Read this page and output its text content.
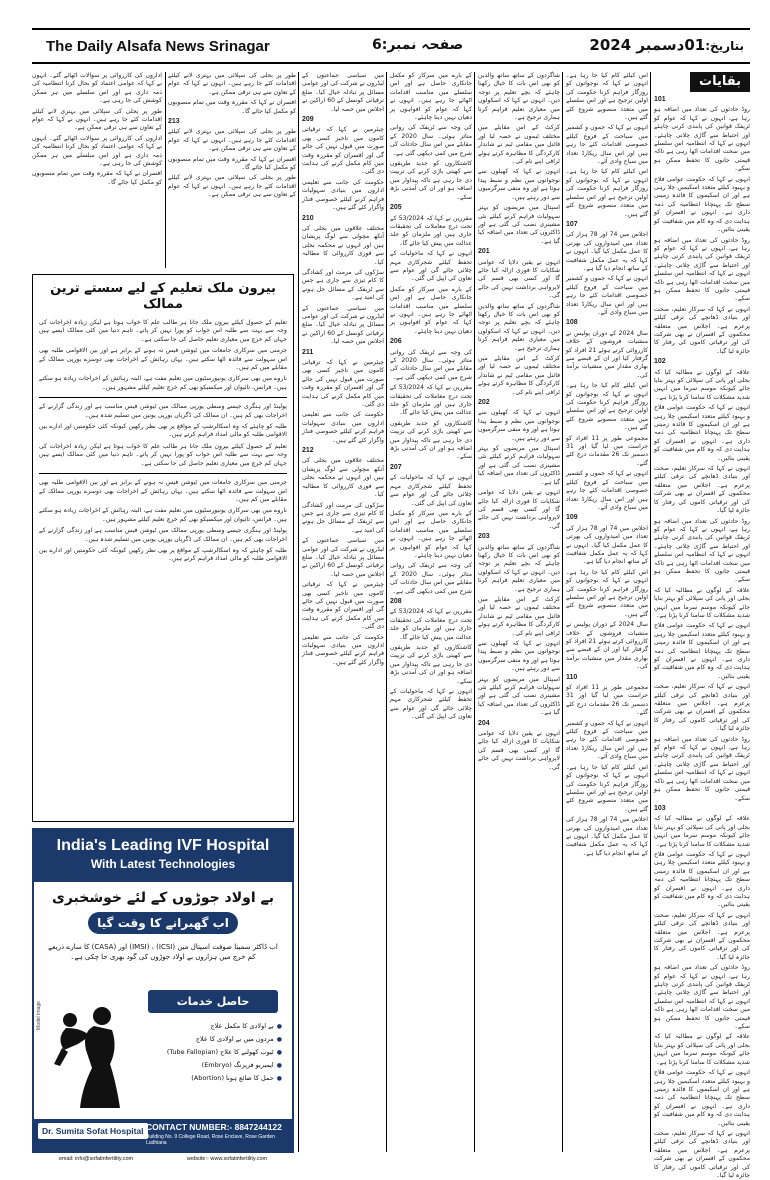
The Daily Alsafa News Srinagar	صفحہ نمبر:6	بتاریخ:01دسمبر 2024
بقایات
101

روڈ حادثوں کی تعداد میں اضافہ ہو رہا ہے، انہوں نے کہا کہ عوام کو ٹریفک قوانین کی پابندی کرنی چاہئے اور احتیاط سے گاڑی چلانی چاہئے۔ انہوں نے کہا کہ انتظامیہ اس سلسلے میں سخت اقدامات اٹھا رہی ہے تاکہ قیمتی جانوں کا تحفظ ممکن ہو سکے۔

انہوں نے کہا کہ حکومت عوامی فلاح و بہبود کیلئے متعدد اسکیمیں چلا رہی ہے اور ان اسکیموں کا فائدہ زمینی سطح تک پہنچانا انتظامیہ کی ذمہ داری ہے۔ انہوں نے افسران کو ہدایت دی کہ وہ کام میں شفافیت کو یقینی بنائیں۔

روڈ حادثوں کی تعداد میں اضافہ ہو رہا ہے، انہوں نے کہا کہ عوام کو ٹریفک قوانین کی پابندی کرنی چاہئے اور احتیاط سے گاڑی چلانی چاہئے۔ انہوں نے کہا کہ انتظامیہ اس سلسلے میں سخت اقدامات اٹھا رہی ہے تاکہ قیمتی جانوں کا تحفظ ممکن ہو سکے۔

انہوں نے کہا کہ سرکار تعلیم، صحت اور بنیادی ڈھانچے کی ترقی کیلئے پرعزم ہے۔ اجلاس میں متعلقہ محکموں کے افسران نے بھی شرکت کی اور ترقیاتی کاموں کی رفتار کا جائزہ لیا گیا۔

102

علاقہ کے لوگوں نے مطالبہ کیا کہ بجلی اور پانی کی سپلائی کو بہتر بنایا جائے کیونکہ موسم سرما میں انہیں شدید مشکلات کا سامنا کرنا پڑتا ہے۔

انہوں نے کہا کہ حکومت عوامی فلاح و بہبود کیلئے متعدد اسکیمیں چلا رہی ہے اور ان اسکیموں کا فائدہ زمینی سطح تک پہنچانا انتظامیہ کی ذمہ داری ہے۔ انہوں نے افسران کو ہدایت دی کہ وہ کام میں شفافیت کو یقینی بنائیں۔

انہوں نے کہا کہ سرکار تعلیم، صحت اور بنیادی ڈھانچے کی ترقی کیلئے پرعزم ہے۔ اجلاس میں متعلقہ محکموں کے افسران نے بھی شرکت کی اور ترقیاتی کاموں کی رفتار کا جائزہ لیا گیا۔

روڈ حادثوں کی تعداد میں اضافہ ہو رہا ہے، انہوں نے کہا کہ عوام کو ٹریفک قوانین کی پابندی کرنی چاہئے اور احتیاط سے گاڑی چلانی چاہئے۔ انہوں نے کہا کہ انتظامیہ اس سلسلے میں سخت اقدامات اٹھا رہی ہے تاکہ قیمتی جانوں کا تحفظ ممکن ہو سکے۔

علاقہ کے لوگوں نے مطالبہ کیا کہ بجلی اور پانی کی سپلائی کو بہتر بنایا جائے کیونکہ موسم سرما میں انہیں شدید مشکلات کا سامنا کرنا پڑتا ہے۔

انہوں نے کہا کہ حکومت عوامی فلاح و بہبود کیلئے متعدد اسکیمیں چلا رہی ہے اور ان اسکیموں کا فائدہ زمینی سطح تک پہنچانا انتظامیہ کی ذمہ داری ہے۔ انہوں نے افسران کو ہدایت دی کہ وہ کام میں شفافیت کو یقینی بنائیں۔

انہوں نے کہا کہ سرکار تعلیم، صحت اور بنیادی ڈھانچے کی ترقی کیلئے پرعزم ہے۔ اجلاس میں متعلقہ محکموں کے افسران نے بھی شرکت کی اور ترقیاتی کاموں کی رفتار کا جائزہ لیا گیا۔

روڈ حادثوں کی تعداد میں اضافہ ہو رہا ہے، انہوں نے کہا کہ عوام کو ٹریفک قوانین کی پابندی کرنی چاہئے اور احتیاط سے گاڑی چلانی چاہئے۔ انہوں نے کہا کہ انتظامیہ اس سلسلے میں سخت اقدامات اٹھا رہی ہے تاکہ قیمتی جانوں کا تحفظ ممکن ہو سکے۔

103

علاقہ کے لوگوں نے مطالبہ کیا کہ بجلی اور پانی کی سپلائی کو بہتر بنایا جائے کیونکہ موسم سرما میں انہیں شدید مشکلات کا سامنا کرنا پڑتا ہے۔

انہوں نے کہا کہ حکومت عوامی فلاح و بہبود کیلئے متعدد اسکیمیں چلا رہی ہے اور ان اسکیموں کا فائدہ زمینی سطح تک پہنچانا انتظامیہ کی ذمہ داری ہے۔ انہوں نے افسران کو ہدایت دی کہ وہ کام میں شفافیت کو یقینی بنائیں۔

انہوں نے کہا کہ سرکار تعلیم، صحت اور بنیادی ڈھانچے کی ترقی کیلئے پرعزم ہے۔ اجلاس میں متعلقہ محکموں کے افسران نے بھی شرکت کی اور ترقیاتی کاموں کی رفتار کا جائزہ لیا گیا۔

روڈ حادثوں کی تعداد میں اضافہ ہو رہا ہے، انہوں نے کہا کہ عوام کو ٹریفک قوانین کی پابندی کرنی چاہئے اور احتیاط سے گاڑی چلانی چاہئے۔ انہوں نے کہا کہ انتظامیہ اس سلسلے میں سخت اقدامات اٹھا رہی ہے تاکہ قیمتی جانوں کا تحفظ ممکن ہو سکے۔

علاقہ کے لوگوں نے مطالبہ کیا کہ بجلی اور پانی کی سپلائی کو بہتر بنایا جائے کیونکہ موسم سرما میں انہیں شدید مشکلات کا سامنا کرنا پڑتا ہے۔

انہوں نے کہا کہ حکومت عوامی فلاح و بہبود کیلئے متعدد اسکیمیں چلا رہی ہے اور ان اسکیموں کا فائدہ زمینی سطح تک پہنچانا انتظامیہ کی ذمہ داری ہے۔ انہوں نے افسران کو ہدایت دی کہ وہ کام میں شفافیت کو یقینی بنائیں۔

انہوں نے کہا کہ سرکار تعلیم، صحت اور بنیادی ڈھانچے کی ترقی کیلئے پرعزم ہے۔ اجلاس میں متعلقہ محکموں کے افسران نے بھی شرکت کی اور ترقیاتی کاموں کی رفتار کا جائزہ لیا گیا۔

اس کیلئے کام کیا جا رہا ہے۔ انہوں نے کہا کہ نوجوانوں کو روزگار فراہم کرنا حکومت کی اولین ترجیح ہے اور اس سلسلے میں متعدد منصوبے شروع کئے گئے ہیں۔

انہوں نے کہا کہ جموں و کشمیر میں سیاحت کے فروغ کیلئے خصوصی اقدامات کئے جا رہے ہیں اور اس سال ریکارڈ تعداد میں سیاح وادی آئے۔

اس کیلئے کام کیا جا رہا ہے۔ انہوں نے کہا کہ نوجوانوں کو روزگار فراہم کرنا حکومت کی اولین ترجیح ہے اور اس سلسلے میں متعدد منصوبے شروع کئے گئے ہیں۔

107

اجلاس میں 74 اور 78 ہزار کی تعداد میں امیدواروں کی بھرتی کا عمل مکمل کیا گیا۔ انہوں نے کہا کہ یہ عمل مکمل شفافیت کے ساتھ انجام دیا گیا ہے۔

انہوں نے کہا کہ جموں و کشمیر میں سیاحت کے فروغ کیلئے خصوصی اقدامات کئے جا رہے ہیں اور اس سال ریکارڈ تعداد میں سیاح وادی آئے۔

108

سال 2024 کے دوران پولیس نے منشیات فروشوں کے خلاف کارروائی کرتے ہوئے 21 افراد کو گرفتار کیا اور ان کے قبضے سے بھاری مقدار میں منشیات برآمد کی۔

اس کیلئے کام کیا جا رہا ہے۔ انہوں نے کہا کہ نوجوانوں کو روزگار فراہم کرنا حکومت کی اولین ترجیح ہے اور اس سلسلے میں متعدد منصوبے شروع کئے گئے ہیں۔

مجموعی طور پر 11 افراد کو حراست میں لیا گیا اور 31 دسمبر تک 26 مقدمات درج کئے گئے۔

انہوں نے کہا کہ جموں و کشمیر میں سیاحت کے فروغ کیلئے خصوصی اقدامات کئے جا رہے ہیں اور اس سال ریکارڈ تعداد میں سیاح وادی آئے۔

109

اجلاس میں 74 اور 78 ہزار کی تعداد میں امیدواروں کی بھرتی کا عمل مکمل کیا گیا۔ انہوں نے کہا کہ یہ عمل مکمل شفافیت کے ساتھ انجام دیا گیا ہے۔

اس کیلئے کام کیا جا رہا ہے۔ انہوں نے کہا کہ نوجوانوں کو روزگار فراہم کرنا حکومت کی اولین ترجیح ہے اور اس سلسلے میں متعدد منصوبے شروع کئے گئے ہیں۔

سال 2024 کے دوران پولیس نے منشیات فروشوں کے خلاف کارروائی کرتے ہوئے 21 افراد کو گرفتار کیا اور ان کے قبضے سے بھاری مقدار میں منشیات برآمد کی۔

110

مجموعی طور پر 11 افراد کو حراست میں لیا گیا اور 31 دسمبر تک 26 مقدمات درج کئے گئے۔

انہوں نے کہا کہ جموں و کشمیر میں سیاحت کے فروغ کیلئے خصوصی اقدامات کئے جا رہے ہیں اور اس سال ریکارڈ تعداد میں سیاح وادی آئے۔

اس کیلئے کام کیا جا رہا ہے۔ انہوں نے کہا کہ نوجوانوں کو روزگار فراہم کرنا حکومت کی اولین ترجیح ہے اور اس سلسلے میں متعدد منصوبے شروع کئے گئے ہیں۔

اجلاس میں 74 اور 78 ہزار کی تعداد میں امیدواروں کی بھرتی کا عمل مکمل کیا گیا۔ انہوں نے کہا کہ یہ عمل مکمل شفافیت کے ساتھ انجام دیا گیا ہے۔

شاگردوں کے ساتھ ساتھ والدین کو بھی اس بات کا خیال رکھنا چاہئے کہ بچے تعلیم پر توجہ دیں۔ انہوں نے کہا کہ اسکولوں میں معیاری تعلیم فراہم کرنا ہماری ترجیح ہے۔

کرکٹ کے اس مقابلے میں مختلف ٹیموں نے حصہ لیا اور فائنل میں مقامی ٹیم نے شاندار کارکردگی کا مظاہرہ کرتے ہوئے ٹرافی اپنے نام کی۔

انہوں نے کہا کہ کھیلوں سے نوجوانوں میں نظم و ضبط پیدا ہوتا ہے اور وہ منفی سرگرمیوں سے دور رہتے ہیں۔

اسپتال میں مریضوں کو بہتر سہولیات فراہم کرنے کیلئے نئی مشینری نصب کی گئی ہے اور ڈاکٹروں کی تعداد میں اضافہ کیا گیا ہے۔

201

انہوں نے یقین دلایا کہ عوامی شکایات کا فوری ازالہ کیا جائے گا اور کسی بھی قسم کی لاپرواہی برداشت نہیں کی جائے گی۔

شاگردوں کے ساتھ ساتھ والدین کو بھی اس بات کا خیال رکھنا چاہئے کہ بچے تعلیم پر توجہ دیں۔ انہوں نے کہا کہ اسکولوں میں معیاری تعلیم فراہم کرنا ہماری ترجیح ہے۔

کرکٹ کے اس مقابلے میں مختلف ٹیموں نے حصہ لیا اور فائنل میں مقامی ٹیم نے شاندار کارکردگی کا مظاہرہ کرتے ہوئے ٹرافی اپنے نام کی۔

202

انہوں نے کہا کہ کھیلوں سے نوجوانوں میں نظم و ضبط پیدا ہوتا ہے اور وہ منفی سرگرمیوں سے دور رہتے ہیں۔

اسپتال میں مریضوں کو بہتر سہولیات فراہم کرنے کیلئے نئی مشینری نصب کی گئی ہے اور ڈاکٹروں کی تعداد میں اضافہ کیا گیا ہے۔

انہوں نے یقین دلایا کہ عوامی شکایات کا فوری ازالہ کیا جائے گا اور کسی بھی قسم کی لاپرواہی برداشت نہیں کی جائے گی۔

203

شاگردوں کے ساتھ ساتھ والدین کو بھی اس بات کا خیال رکھنا چاہئے کہ بچے تعلیم پر توجہ دیں۔ انہوں نے کہا کہ اسکولوں میں معیاری تعلیم فراہم کرنا ہماری ترجیح ہے۔

کرکٹ کے اس مقابلے میں مختلف ٹیموں نے حصہ لیا اور فائنل میں مقامی ٹیم نے شاندار کارکردگی کا مظاہرہ کرتے ہوئے ٹرافی اپنے نام کی۔

انہوں نے کہا کہ کھیلوں سے نوجوانوں میں نظم و ضبط پیدا ہوتا ہے اور وہ منفی سرگرمیوں سے دور رہتے ہیں۔

اسپتال میں مریضوں کو بہتر سہولیات فراہم کرنے کیلئے نئی مشینری نصب کی گئی ہے اور ڈاکٹروں کی تعداد میں اضافہ کیا گیا ہے۔

204

انہوں نے یقین دلایا کہ عوامی شکایات کا فوری ازالہ کیا جائے گا اور کسی بھی قسم کی لاپرواہی برداشت نہیں کی جائے گی۔

کے بارے میں سرکار کو مکمل جانکاری حاصل ہے اور اس سلسلے میں مناسب اقدامات اٹھائے جا رہے ہیں۔ انہوں نے کہا کہ عوام کو افواہوں پر دھیان نہیں دینا چاہئے۔

کی وجہ سے ٹریفک کی روانی متاثر ہوئی۔ سال 2020 کے مقابلے میں اس سال حادثات کی شرح میں کمی دیکھی گئی ہے۔

کاشتکاروں کو جدید طریقوں سے کھیتی باڑی کرنے کی تربیت دی جا رہی ہے تاکہ پیداوار میں اضافہ ہو اور ان کی آمدنی بڑھ سکے۔

205

مقررین نے کہا کہ 53/2024 کے تحت درج معاملات کی تحقیقات جاری ہیں اور ملزمان کو جلد عدالت میں پیش کیا جائے گا۔

انہوں نے کہا کہ ماحولیات کے تحفظ کیلئے شجرکاری مہم چلائی جائے گی اور عوام سے تعاون کی اپیل کی گئی۔

کے بارے میں سرکار کو مکمل جانکاری حاصل ہے اور اس سلسلے میں مناسب اقدامات اٹھائے جا رہے ہیں۔ انہوں نے کہا کہ عوام کو افواہوں پر دھیان نہیں دینا چاہئے۔

206

کی وجہ سے ٹریفک کی روانی متاثر ہوئی۔ سال 2020 کے مقابلے میں اس سال حادثات کی شرح میں کمی دیکھی گئی ہے۔

مقررین نے کہا کہ 53/2024 کے تحت درج معاملات کی تحقیقات جاری ہیں اور ملزمان کو جلد عدالت میں پیش کیا جائے گا۔

کاشتکاروں کو جدید طریقوں سے کھیتی باڑی کرنے کی تربیت دی جا رہی ہے تاکہ پیداوار میں اضافہ ہو اور ان کی آمدنی بڑھ سکے۔

207

انہوں نے کہا کہ ماحولیات کے تحفظ کیلئے شجرکاری مہم چلائی جائے گی اور عوام سے تعاون کی اپیل کی گئی۔

کے بارے میں سرکار کو مکمل جانکاری حاصل ہے اور اس سلسلے میں مناسب اقدامات اٹھائے جا رہے ہیں۔ انہوں نے کہا کہ عوام کو افواہوں پر دھیان نہیں دینا چاہئے۔

کی وجہ سے ٹریفک کی روانی متاثر ہوئی۔ سال 2020 کے مقابلے میں اس سال حادثات کی شرح میں کمی دیکھی گئی ہے۔

208

مقررین نے کہا کہ 53/2024 کے تحت درج معاملات کی تحقیقات جاری ہیں اور ملزمان کو جلد عدالت میں پیش کیا جائے گا۔

کاشتکاروں کو جدید طریقوں سے کھیتی باڑی کرنے کی تربیت دی جا رہی ہے تاکہ پیداوار میں اضافہ ہو اور ان کی آمدنی بڑھ سکے۔

انہوں نے کہا کہ ماحولیات کے تحفظ کیلئے شجرکاری مہم چلائی جائے گی اور عوام سے تعاون کی اپیل کی گئی۔

میں سیاسی جماعتوں کے لیڈروں نے شرکت کی اور عوامی مسائل پر تبادلہ خیال کیا۔ ضلع ترقیاتی کونسل کے 60 اراکین نے اجلاس میں حصہ لیا۔

209

چیئرمین نے کہا کہ ترقیاتی کاموں میں تاخیر کسی بھی صورت میں قبول نہیں کی جائے گی اور افسران کو مقررہ وقت میں کام مکمل کرنے کی ہدایت دی گئی۔

حکومت کی جانب سے تعلیمی اداروں میں بنیادی سہولیات فراہم کرنے کیلئے خصوصی فنڈز واگزار کئے گئے ہیں۔

210

مختلف علاقوں میں بجلی کی آنکھ مچولی سے لوگ پریشان ہیں اور انہوں نے محکمہ بجلی سے فوری کارروائی کا مطالبہ کیا۔

سڑکوں کی مرمت اور کشادگی کا کام تیزی سے جاری ہے جس سے ٹریفک کے مسائل حل ہونے کی امید ہے۔

میں سیاسی جماعتوں کے لیڈروں نے شرکت کی اور عوامی مسائل پر تبادلہ خیال کیا۔ ضلع ترقیاتی کونسل کے 60 اراکین نے اجلاس میں حصہ لیا۔

211

چیئرمین نے کہا کہ ترقیاتی کاموں میں تاخیر کسی بھی صورت میں قبول نہیں کی جائے گی اور افسران کو مقررہ وقت میں کام مکمل کرنے کی ہدایت دی گئی۔

حکومت کی جانب سے تعلیمی اداروں میں بنیادی سہولیات فراہم کرنے کیلئے خصوصی فنڈز واگزار کئے گئے ہیں۔

212

مختلف علاقوں میں بجلی کی آنکھ مچولی سے لوگ پریشان ہیں اور انہوں نے محکمہ بجلی سے فوری کارروائی کا مطالبہ کیا۔

سڑکوں کی مرمت اور کشادگی کا کام تیزی سے جاری ہے جس سے ٹریفک کے مسائل حل ہونے کی امید ہے۔

میں سیاسی جماعتوں کے لیڈروں نے شرکت کی اور عوامی مسائل پر تبادلہ خیال کیا۔ ضلع ترقیاتی کونسل کے 60 اراکین نے اجلاس میں حصہ لیا۔

چیئرمین نے کہا کہ ترقیاتی کاموں میں تاخیر کسی بھی صورت میں قبول نہیں کی جائے گی اور افسران کو مقررہ وقت میں کام مکمل کرنے کی ہدایت دی گئی۔

حکومت کی جانب سے تعلیمی اداروں میں بنیادی سہولیات فراہم کرنے کیلئے خصوصی فنڈز واگزار کئے گئے ہیں۔

طور پر بجلی کی سپلائی میں بہتری لانے کیلئے اقدامات کئے جا رہے ہیں۔ انہوں نے کہا کہ عوام کے تعاون سے ہی ترقی ممکن ہے۔

افسران نے کہا کہ مقررہ وقت میں تمام منصوبوں کو مکمل کیا جائے گا۔

213

طور پر بجلی کی سپلائی میں بہتری لانے کیلئے اقدامات کئے جا رہے ہیں۔ انہوں نے کہا کہ عوام کے تعاون سے ہی ترقی ممکن ہے۔

افسران نے کہا کہ مقررہ وقت میں تمام منصوبوں کو مکمل کیا جائے گا۔

طور پر بجلی کی سپلائی میں بہتری لانے کیلئے اقدامات کئے جا رہے ہیں۔ انہوں نے کہا کہ عوام کے تعاون سے ہی ترقی ممکن ہے۔

اداروں کی کارروائی پر سوالات اٹھائے گئے۔ انہوں نے کہا کہ عوامی اعتماد کو بحال کرنا انتظامیہ کی ذمہ داری ہے اور اس سلسلے میں ہر ممکن کوشش کی جا رہی ہے۔

طور پر بجلی کی سپلائی میں بہتری لانے کیلئے اقدامات کئے جا رہے ہیں۔ انہوں نے کہا کہ عوام کے تعاون سے ہی ترقی ممکن ہے۔

اداروں کی کارروائی پر سوالات اٹھائے گئے۔ انہوں نے کہا کہ عوامی اعتماد کو بحال کرنا انتظامیہ کی ذمہ داری ہے اور اس سلسلے میں ہر ممکن کوشش کی جا رہی ہے۔

افسران نے کہا کہ مقررہ وقت میں تمام منصوبوں کو مکمل کیا جائے گا۔

بیرون ملک تعلیم کے لیے سستے ترین ممالک

تعلیم کے حصول کیلئے بیرون ملک جانا ہر طالب علم کا خواب ہوتا ہے لیکن زیادہ اخراجات کی وجہ سے بہت سے طلبہ اس خواب کو پورا نہیں کر پاتے۔ تاہم دنیا میں کئی ممالک ایسے ہیں جہاں کم خرچ میں معیاری تعلیم حاصل کی جا سکتی ہے۔

جرمنی میں سرکاری جامعات میں ٹیوشن فیس نہ ہونے کے برابر ہے اور بین الاقوامی طلبہ بھی اس سہولت سے فائدہ اٹھا سکتے ہیں۔ یہاں رہائش کے اخراجات بھی دوسرے یورپی ممالک کے مقابلے میں کم ہیں۔

ناروے میں بھی سرکاری یونیورسٹیوں میں تعلیم مفت ہے، البتہ رہائش کے اخراجات زیادہ ہو سکتے ہیں۔ فرانس، تائیوان اور میکسیکو بھی کم خرچ تعلیم کیلئے مشہور ہیں۔

پولینڈ اور ہنگری جیسے وسطی یورپی ممالک میں ٹیوشن فیس مناسب ہے اور زندگی گزارنے کے اخراجات بھی کم ہیں۔ ان ممالک کی ڈگریاں یورپی یونین میں تسلیم شدہ ہیں۔

طلبہ کو چاہئے کہ وہ اسکالرشپ کے مواقع پر بھی نظر رکھیں کیونکہ کئی حکومتیں اور ادارے بین الاقوامی طلبہ کو مالی امداد فراہم کرتے ہیں۔

تعلیم کے حصول کیلئے بیرون ملک جانا ہر طالب علم کا خواب ہوتا ہے لیکن زیادہ اخراجات کی وجہ سے بہت سے طلبہ اس خواب کو پورا نہیں کر پاتے۔ تاہم دنیا میں کئی ممالک ایسے ہیں جہاں کم خرچ میں معیاری تعلیم حاصل کی جا سکتی ہے۔

جرمنی میں سرکاری جامعات میں ٹیوشن فیس نہ ہونے کے برابر ہے اور بین الاقوامی طلبہ بھی اس سہولت سے فائدہ اٹھا سکتے ہیں۔ یہاں رہائش کے اخراجات بھی دوسرے یورپی ممالک کے مقابلے میں کم ہیں۔

ناروے میں بھی سرکاری یونیورسٹیوں میں تعلیم مفت ہے، البتہ رہائش کے اخراجات زیادہ ہو سکتے ہیں۔ فرانس، تائیوان اور میکسیکو بھی کم خرچ تعلیم کیلئے مشہور ہیں۔

پولینڈ اور ہنگری جیسے وسطی یورپی ممالک میں ٹیوشن فیس مناسب ہے اور زندگی گزارنے کے اخراجات بھی کم ہیں۔ ان ممالک کی ڈگریاں یورپی یونین میں تسلیم شدہ ہیں۔

طلبہ کو چاہئے کہ وہ اسکالرشپ کے مواقع پر بھی نظر رکھیں کیونکہ کئی حکومتیں اور ادارے بین الاقوامی طلبہ کو مالی امداد فراہم کرتے ہیں۔

India's Leading IVF Hospital
With Latest Technologies
بے اولاد جوڑوں کے لئے خوشخبری
اب گھبرانے کا وقت گیا
اب ڈاکٹر سمیتا صوفت اسپتال میں (ICSI) ، (IMSI) اور (CASA) کا سارے ذریعے کم خرچ میں ہزاروں بے اولاد جوڑوں کی گود بھری جا چکی ہے۔
حاصل خدمات
● بے اولادی کا مکمل علاج
● مردوں میں بے اولادی کا علاج
● ٹیوب کھولنے کا علاج (Tube Fallopian)
● ایمبریو فریزنگ (Embryo)
● حمل کا ضائع ہونا (Abortion)
Model Image
Dr. Sumita Sofat Hospital CONTACT NUMBER:- 8847244122
Building No. 9 College Road, Rose Enclave, Rose Garden Ludhiana
email: info@sofatinfertility.com	website:- www.sofatinfertility.com
